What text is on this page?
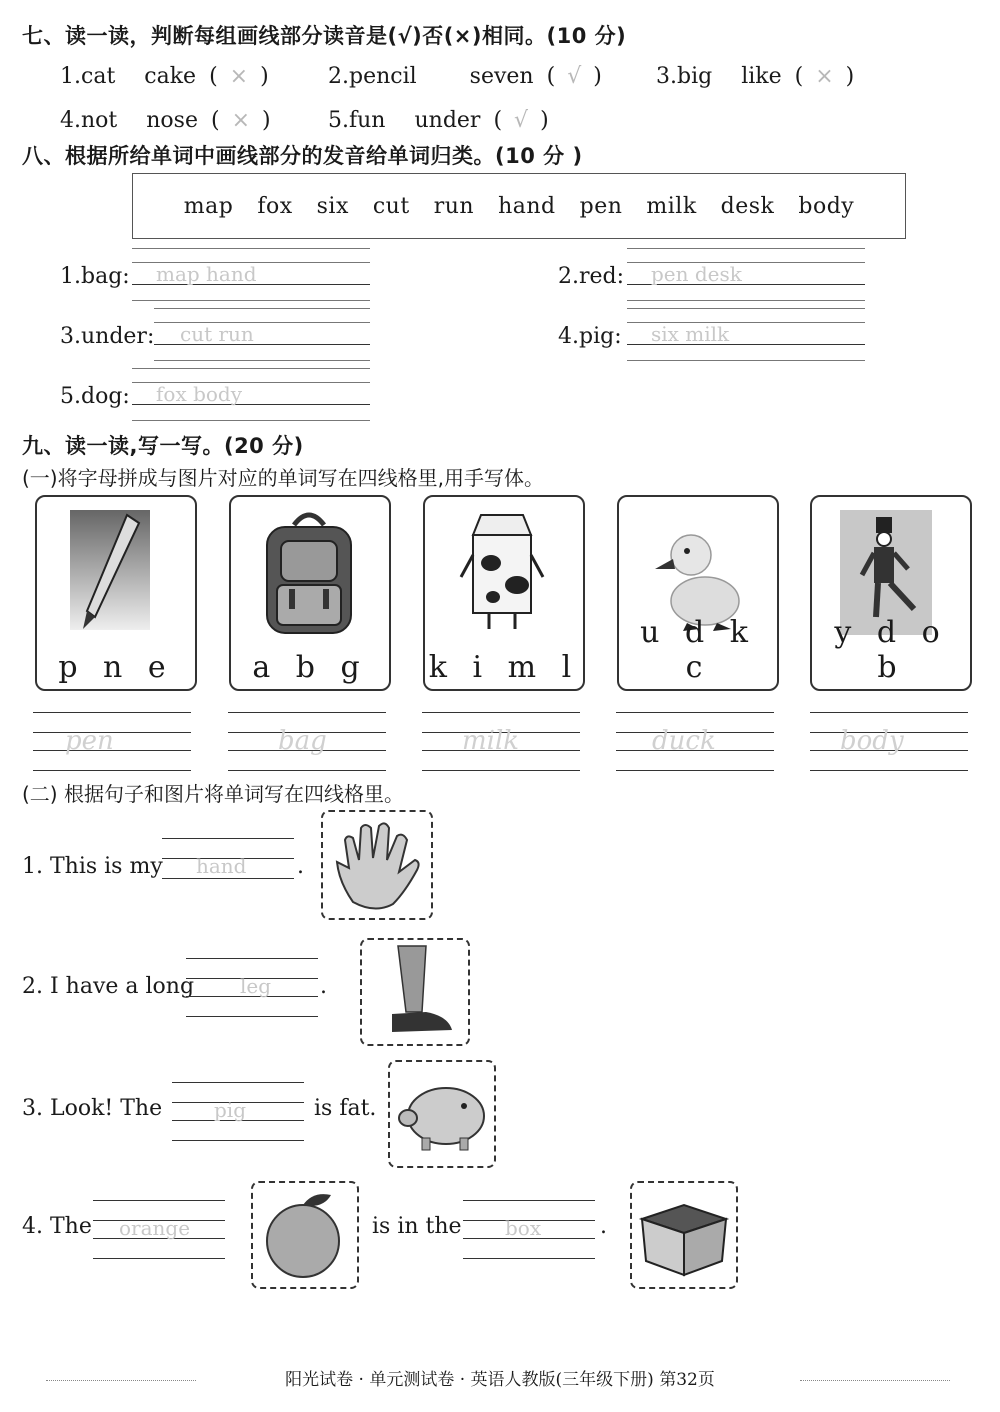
七、读一读，判断每组画线部分读音是(√)否(×)相同。(10 分)
1.cat cake ( × )	2.pencil seven ( √ ) 3.big like ( × )
4.not nose ( × )	5.fun under ( √ )
八、根据所给单词中画线部分的发音给单词归类。(10 分 )
map fox six cut run hand pen milk desk body
1.bag: map hand	2.red: pen desk
3.under: cut run	4.pig: six milk
5.dog: fox body
九、读一读,写一写。(20 分)
(一)将字母拼成与图片对应的单词写在四线格里,用手写体。
p n e	a b g	k i m l
u d k c
y d o b
pen	bag	milk	duck	body
(二) 根据句子和图片将单词写在四线格里。
1. This is my hand .
2. I have a long leg .
3. Look! The	pig	is fat.
4. The orange	is in the box	.
阳光试卷 · 单元测试卷 · 英语人教版(三年级下册) 第32页
